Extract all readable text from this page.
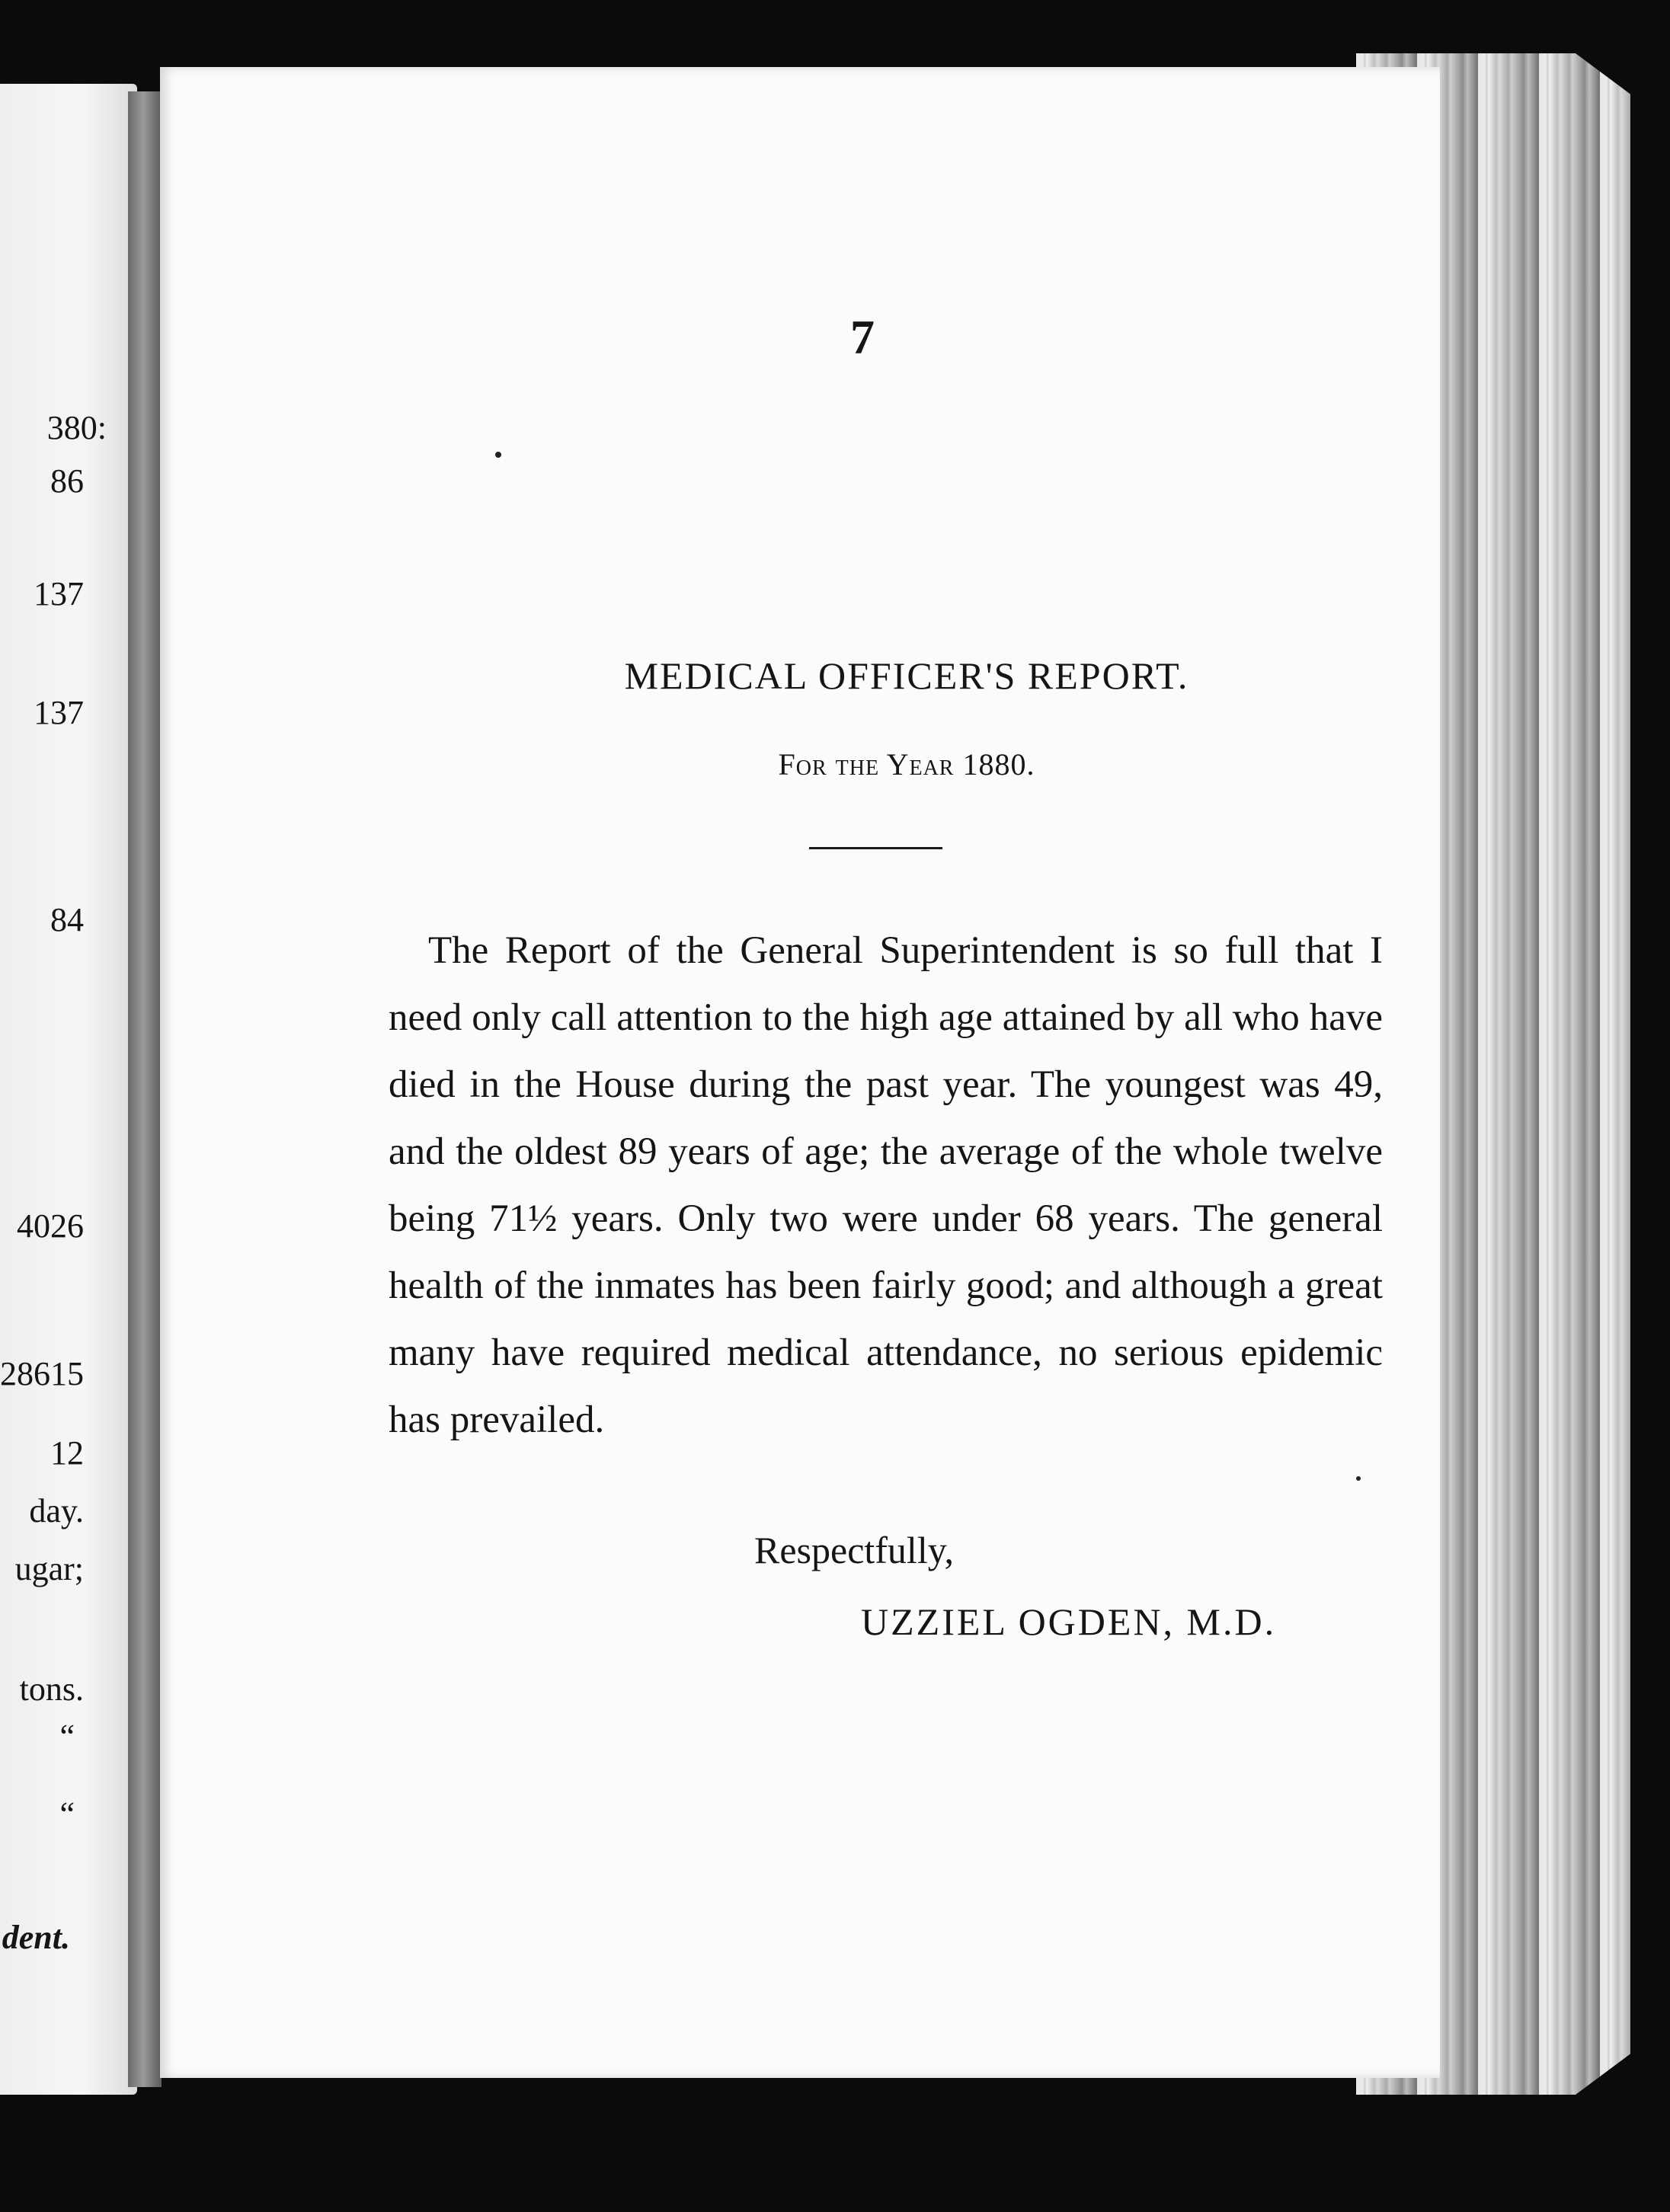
380:
86
137
137
84
4026
28615
12
day.
ugar;
tons.
“
“
dent.
7
MEDICAL OFFICER'S REPORT.
For the Year 1880.
The Report of the General Superintendent is so full that I need only call attention to the high age attained by all who have died in the House during the past year. The youngest was 49, and the oldest 89 years of age; the average of the whole twelve being 71½ years. Only two were under 68 years. The general health of the inmates has been fairly good; and although a great many have required medical attendance, no serious epidemic has prevailed.
Respectfully,
UZZIEL OGDEN, M.D.
